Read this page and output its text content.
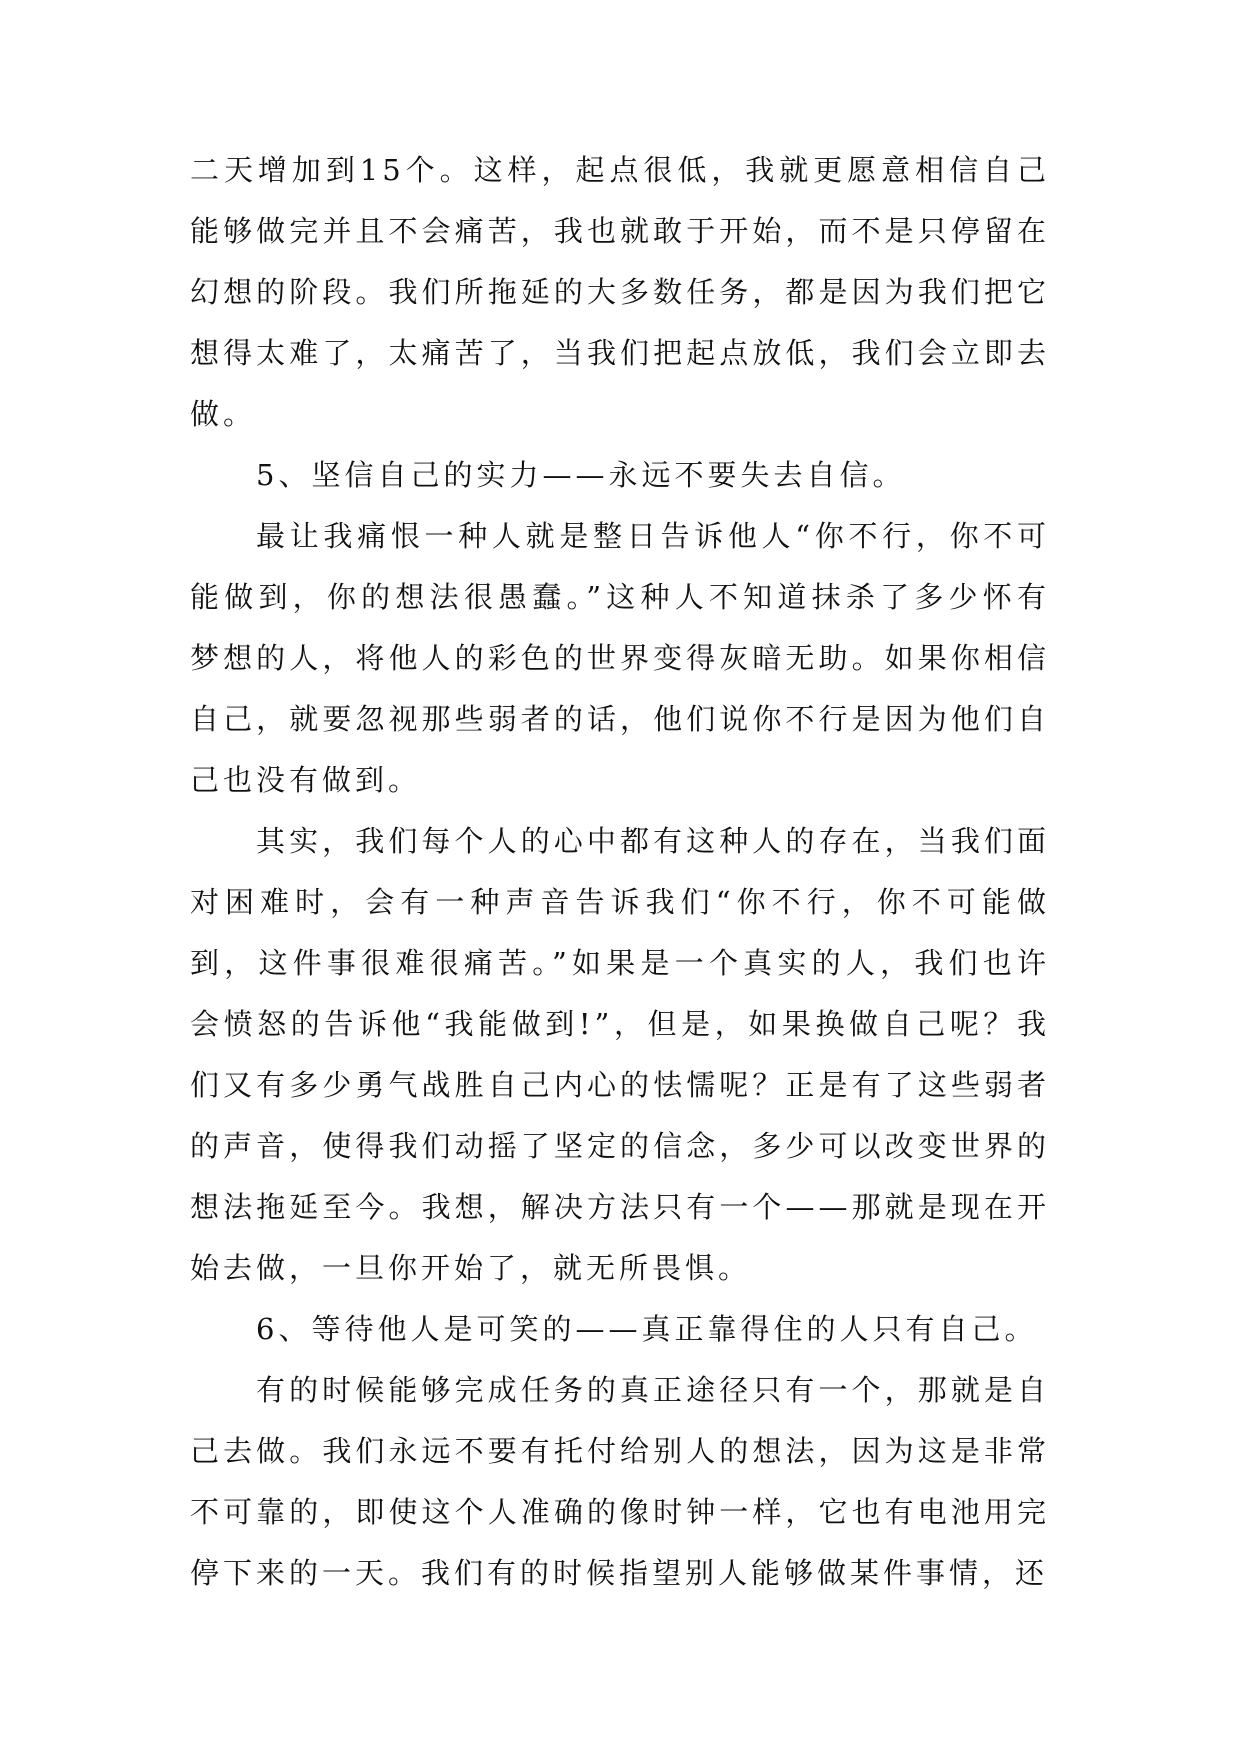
二天增加到15个。这样，起点很低，我就更愿意相信自己能够做完并且不会痛苦，我也就敢于开始，而不是只停留在幻想的阶段。我们所拖延的大多数任务，都是因为我们把它想得太难了，太痛苦了，当我们把起点放低，我们会立即去做。

5、坚信自己的实力——永远不要失去自信。

最让我痛恨一种人就是整日告诉他人“你不行，你不可能做到，你的想法很愚蠢。”这种人不知道抹杀了多少怀有梦想的人，将他人的彩色的世界变得灰暗无助。如果你相信自己，就要忽视那些弱者的话，他们说你不行是因为他们自己也没有做到。

其实，我们每个人的心中都有这种人的存在，当我们面对困难时，会有一种声音告诉我们“你不行，你不可能做到，这件事很难很痛苦。”如果是一个真实的人，我们也许会愤怒的告诉他“我能做到!”，但是，如果换做自己呢？我们又有多少勇气战胜自己内心的怯懦呢？正是有了这些弱者的声音，使得我们动摇了坚定的信念，多少可以改变世界的想法拖延至今。我想，解决方法只有一个——那就是现在开始去做，一旦你开始了，就无所畏惧。

6、等待他人是可笑的——真正靠得住的人只有自己。

有的时候能够完成任务的真正途径只有一个，那就是自己去做。我们永远不要有托付给别人的想法，因为这是非常不可靠的，即使这个人准确的像时钟一样，它也有电池用完停下来的一天。我们有的时候指望别人能够做某件事情，还
